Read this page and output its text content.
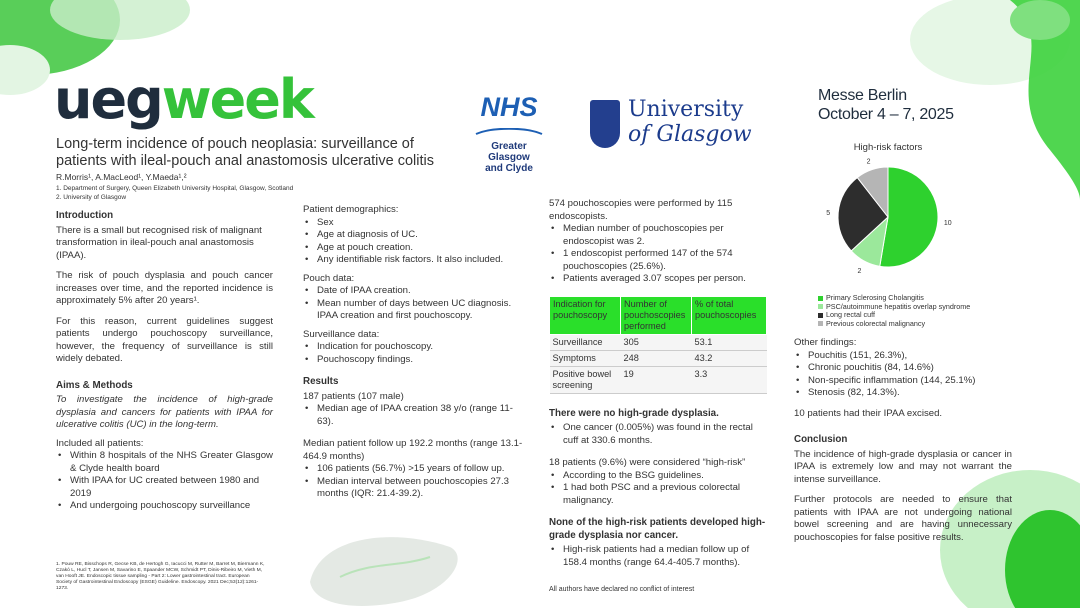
uegweek	NHS
Greater Glasgow
and Clyde
University
of Glasgow
Messe Berlin
October 4 – 7, 2025
Long-term incidence of pouch neoplasia: surveillance of patients with ileal-pouch anal anastomosis ulcerative colitis
R.Morris¹, A.MacLeod¹, Y.Maeda¹,²
1. Department of Surgery, Queen Elizabeth University Hospital, Glasgow, Scotland
2. University of Glasgow
Introduction

There is a small but recognised risk of malignant transformation in ileal-pouch anal anastomosis (IPAA).

The risk of pouch dysplasia and pouch cancer increases over time, and the reported incidence is approximately 5% after 20 years¹.

For this reason, current guidelines suggest patients undergo pouchoscopy surveillance, however, the frequency of surveillance is still widely debated.

Aims & Methods

To investigate the incidence of high-grade dysplasia and cancers for patients with IPAA for ulcerative colitis (UC) in the long-term.

Included all patients:
• Within 8 hospitals of the NHS Greater Glasgow & Clyde health board
• With IPAA for UC created between 1980 and 2019
• And undergoing pouchoscopy surveillance
Patient demographics:
• Sex
• Age at diagnosis of UC.
• Age at pouch creation.
• Any identifiable risk factors. It also included.
Pouch data:
• Date of IPAA creation.
• Mean number of days between UC diagnosis. IPAA creation and first pouchoscopy.
Surveillance data:
• Indication for pouchoscopy.
• Pouchoscopy findings.
Results
187 patients (107 male)
• Median age of IPAA creation 38 y/o (range 11-63).
Median patient follow up 192.2 months (range 13.1-464.9 months)
• 106 patients (56.7%) >15 years of follow up.
• Median interval between pouchoscopies 27.3 months (IQR: 21.4-39.2).
574 pouchoscopies were performed by 115 endoscopists.
• Median number of pouchoscopies per endoscopist was 2.
• 1 endoscopist performed 147 of the 574 pouchoscopies (25.6%).
• Patients averaged 3.07 scopes per person.
Indication for pouchoscopy	Number of pouchoscopies performed	% of total pouchoscopies
Surveillance	305	53.1
Symptoms	248	43.2
Positive bowel screening	19	3.3
There were no high-grade dysplasia.
• One cancer (0.005%) was found in the rectal cuff at 330.6 months.
18 patients (9.6%) were considered “high-risk”
• According to the BSG guidelines.
• 1 had both PSC and a previous colorectal malignancy.
None of the high-risk patients developed high-grade dysplasia nor cancer.
• High-risk patients had a median follow up of 158.4 months (range 64.4-405.7 months).
High-risk factors
10
2
5
2
Primary Sclerosing Cholangitis
PSC/autoimmune hepatitis overlap syndrome
Long rectal cuff
Previous colorectal malignancy
Other findings:
• Pouchitis (151, 26.3%),
• Chronic pouchitis (84, 14.6%)
• Non-specific inflammation (144, 25.1%)
• Stenosis (82, 14.3%).

10 patients had their IPAA excised.

Conclusion

The incidence of high-grade dysplasia or cancer in IPAA is extremely low and may not warrant the intense surveillance.

Further protocols are needed to ensure that patients with IPAA are not undergoing national bowel screening and are having unnecessary pouchoscopies for false positive results.

1. Pouw RE, Bisschops R, Gecse KB, de Hertogh G, Iacucci M, Rutter M, Barret M, Biermann K, Czakó L, Hucl T, Jansen M, Savarino E, Spaander MCW, Schmidt PT, Dinis-Ribeiro M, Vieth M, van Hooft JE. Endoscopic tissue sampling - Part 2: Lower gastrointestinal tract. European Society of Gastrointestinal Endoscopy (ESGE) Guideline. Endoscopy. 2021 Dec;53(12):1261-1273.	All authors have declared no conflict of interest
